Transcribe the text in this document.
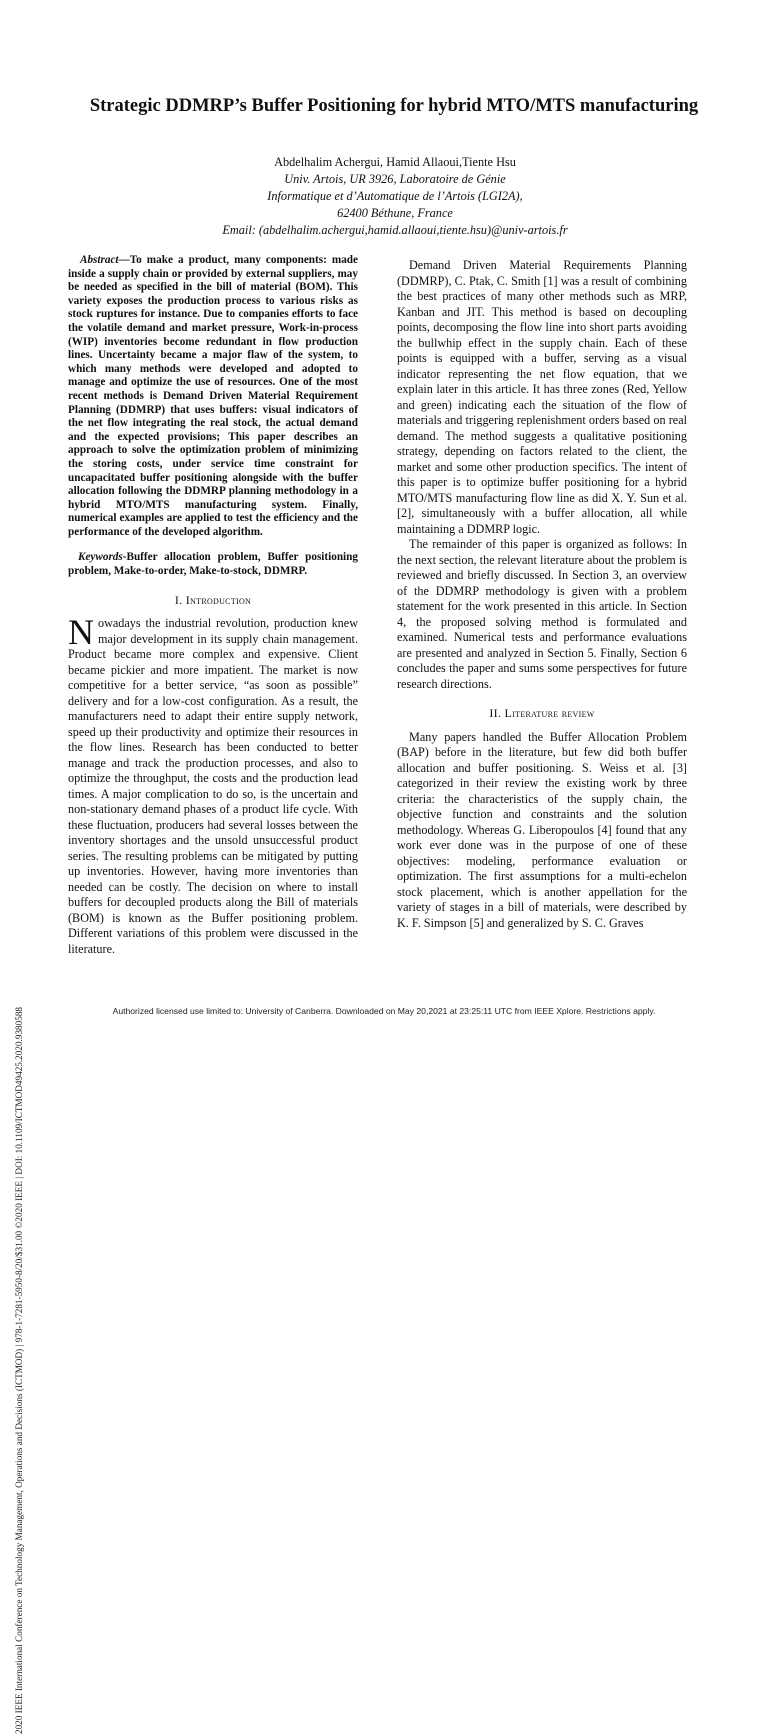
2020 IEEE International Conference on Technology Management, Operations and Decisions (ICTMOD) | 978-1-7281-5950-8/20/$31.00 ©2020 IEEE | DOI: 10.1109/ICTMOD49425.2020.9380588
Strategic DDMRP’s Buffer Positioning for hybrid MTO/MTS manufacturing
Abdelhalim Achergui, Hamid Allaoui,Tiente Hsu
Univ. Artois, UR 3926, Laboratoire de Génie
Informatique et d’Automatique de l’Artois (LGI2A),
62400 Béthune, France
Email: (abdelhalim.achergui,hamid.allaoui,tiente.hsu)@univ-artois.fr

Abstract—To make a product, many components: made inside a supply chain or provided by external suppliers, may be needed as specified in the bill of material (BOM). This variety exposes the production process to various risks as stock ruptures for instance. Due to companies efforts to face the volatile demand and market pressure, Work-in-process (WIP) inventories become redundant in flow production lines. Uncertainty became a major flaw of the system, to which many methods were developed and adopted to manage and optimize the use of resources. One of the most recent methods is Demand Driven Material Requirement Planning (DDMRP) that uses buffers: visual indicators of the net flow integrating the real stock, the actual demand and the expected provisions; This paper describes an approach to solve the optimization problem of minimizing the storing costs, under service time constraint for uncapacitated buffer positioning alongside with the buffer allocation following the DDMRP planning methodology in a hybrid MTO/MTS manufacturing system. Finally, numerical examples are applied to test the efficiency and the performance of the developed algorithm.

Keywords-Buffer allocation problem, Buffer positioning problem, Make-to-order, Make-to-stock, DDMRP.

I. Introduction

Nowadays the industrial revolution, production knew major development in its supply chain management. Product became more complex and expensive. Client became pickier and more impatient. The market is now competitive for a better service, “as soon as possible” delivery and for a low-cost configuration. As a result, the manufacturers need to adapt their entire supply network, speed up their productivity and optimize their resources in the flow lines. Research has been conducted to better manage and track the production processes, and also to optimize the throughput, the costs and the production lead times. A major complication to do so, is the uncertain and non-stationary demand phases of a product life cycle. With these fluctuation, producers had several losses between the inventory shortages and the unsold unsuccessful product series. The resulting problems can be mitigated by putting up inventories. However, having more inventories than needed can be costly. The decision on where to install buffers for decoupled products along the Bill of materials (BOM) is known as the Buffer positioning problem. Different variations of this problem were discussed in the literature.

Demand Driven Material Requirements Planning (DDMRP), C. Ptak, C. Smith [1] was a result of combining the best practices of many other methods such as MRP, Kanban and JIT. This method is based on decoupling points, decomposing the flow line into short parts avoiding the bullwhip effect in the supply chain. Each of these points is equipped with a buffer, serving as a visual indicator representing the net flow equation, that we explain later in this article. It has three zones (Red, Yellow and green) indicating each the situation of the flow of materials and triggering replenishment orders based on real demand. The method suggests a qualitative positioning strategy, depending on factors related to the client, the market and some other production specifics. The intent of this paper is to optimize buffer positioning for a hybrid MTO/MTS manufacturing flow line as did X. Y. Sun et al. [2], simultaneously with a buffer allocation, all while maintaining a DDMRP logic.

The remainder of this paper is organized as follows: In the next section, the relevant literature about the problem is reviewed and briefly discussed. In Section 3, an overview of the DDMRP methodology is given with a problem statement for the work presented in this article. In Section 4, the proposed solving method is formulated and examined. Numerical tests and performance evaluations are presented and analyzed in Section 5. Finally, Section 6 concludes the paper and sums some perspectives for future research directions.

II. Literature review

Many papers handled the Buffer Allocation Problem (BAP) before in the literature, but few did both buffer allocation and buffer positioning. S. Weiss et al. [3] categorized in their review the existing work by three criteria: the characteristics of the supply chain, the objective function and constraints and the solution methodology. Whereas G. Liberopoulos [4] found that any work ever done was in the purpose of one of these objectives: modeling, performance evaluation or optimization. The first assumptions for a multi-echelon stock placement, which is another appellation for the variety of stages in a bill of materials, were described by K. F. Simpson [5] and generalized by S. C. Graves

Authorized licensed use limited to: University of Canberra. Downloaded on May 20,2021 at 23:25:11 UTC from IEEE Xplore. Restrictions apply.
